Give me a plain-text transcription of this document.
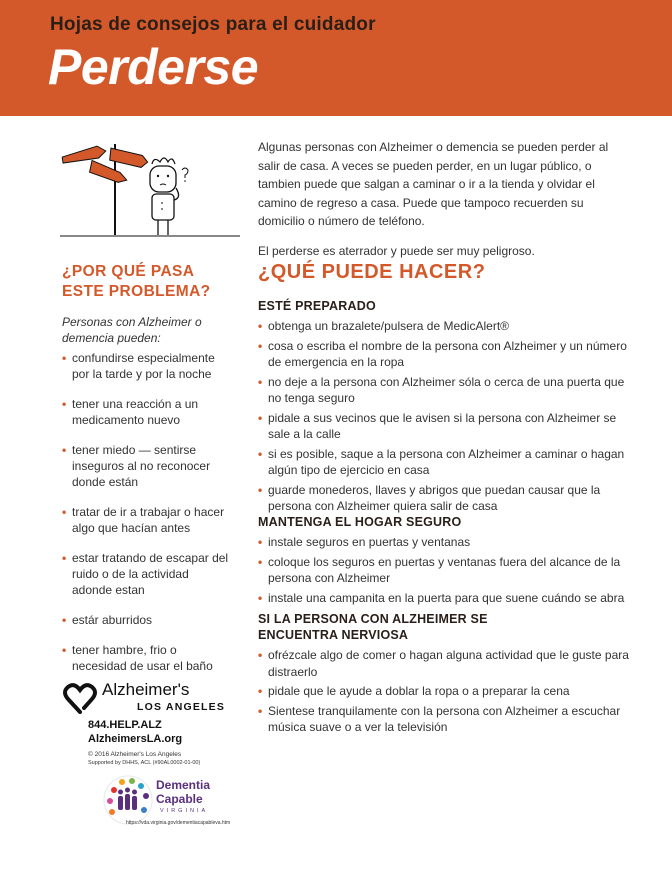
Hojas de consejos para el cuidador
Perderse

Algunas personas con Alzheimer o demencia se pueden perder al salir de casa. A veces se pueden perder, en un lugar público, o tambien puede que salgan a caminar o ir a la tienda y olvidar el camino de regreso a casa. Puede que tampoco recuerden su domicilio o número de teléfono.

El perderse es aterrador y puede ser muy peligroso.

¿POR QUÉ PASA ESTE PROBLEMA?
Personas con Alzheimer o demencia pueden:
• confundirse especialmente por la tarde y por la noche
• tener una reacción a un medicamento nuevo
• tener miedo — sentirse inseguros al no reconocer donde están
• tratar de ir a trabajar o hacer algo que hacían antes
• estar tratando de escapar del ruido o de la actividad adonde estan
• estár aburridos
• tener hambre, frio o necesidad de usar el baño
¿QUÉ PUEDE HACER?
ESTÉ PREPARADO
• obtenga un brazalete/pulsera de MedicAlert®
• cosa o escriba el nombre de la persona con Alzheimer y un número de emergencia en la ropa
• no deje a la persona con Alzheimer sóla o cerca de una puerta que no tenga seguro
• pidale a sus vecinos que le avisen si la persona con Alzheimer se sale a la calle
• si es posible, saque a la persona con Alzheimer a caminar o hagan algún tipo de ejercicio en casa
• guarde monederos, llaves y abrigos que puedan causar que la persona con Alzheimer quiera salir de casa
MANTENGA EL HOGAR SEGURO
• instale seguros en puertas y ventanas
• coloque los seguros en puertas y ventanas fuera del alcance de la persona con Alzheimer
• instale una campanita en la puerta para que suene cuándo se abra
SI LA PERSONA CON ALZHEIMER SE ENCUENTRA NERVIOSA
• ofrézcale algo de comer o hagan alguna actividad que le guste para distraerlo
• pidale que le ayude a doblar la ropa o a preparar la cena
• Sientese tranquilamente con la persona con Alzheimer a escuchar música suave o a ver la televisión
Alzheimer's
LOS ANGELES
844.HELP.ALZ
AlzheimersLA.org
© 2016 Alzheimer's Los Angeles
Supported by DHHS, ACL (#90AL0002-01-00)
Dementia
Capable
VIRGINIA
https://vda.virginia.gov/dementiacapableva.htm
